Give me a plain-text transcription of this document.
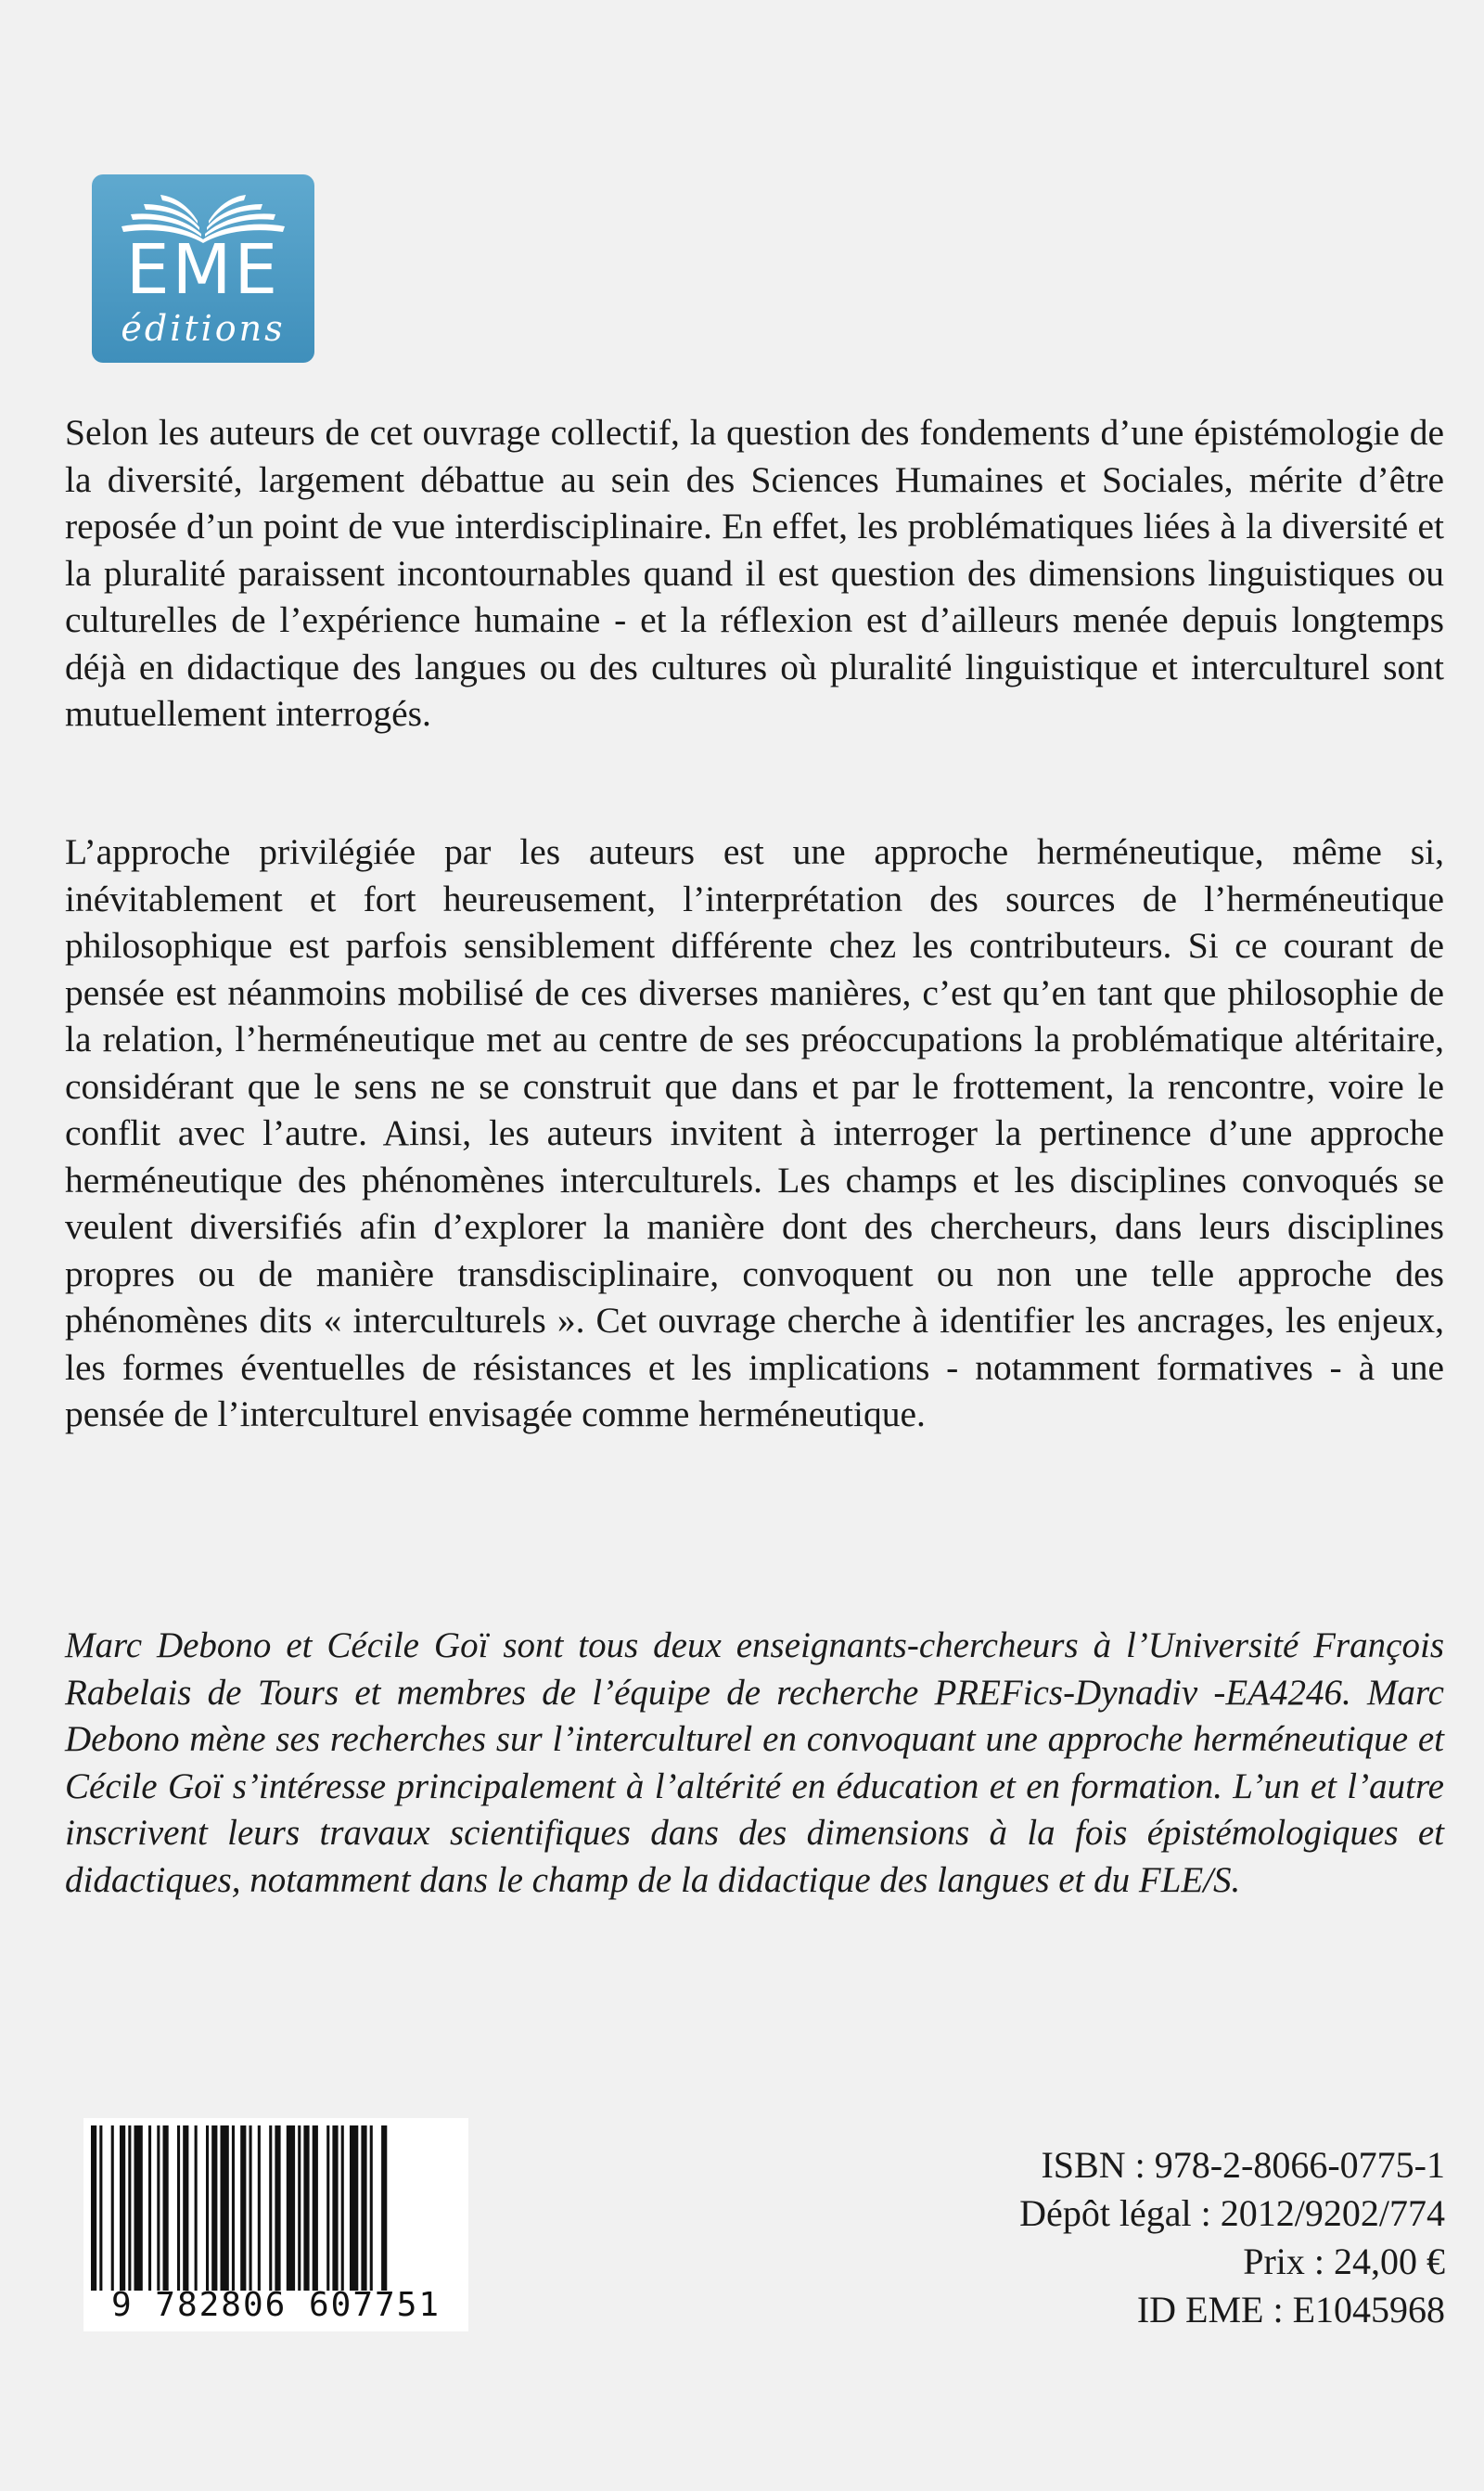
EME
éditions

Selon les auteurs de cet ouvrage collectif, la question des fondements d’une épistémologie de la diversité, largement débattue au sein des Sciences Humaines et Sociales, mérite d’être reposée d’un point de vue interdisciplinaire. En effet, les problématiques liées à la diversité et la pluralité paraissent incontournables quand il est question des dimensions linguistiques ou culturelles de l’expérience humaine - et la réflexion est d’ailleurs menée depuis longtemps déjà en didactique des langues ou des cultures où pluralité linguistique et interculturel sont mutuellement interrogés.

L’approche privilégiée par les auteurs est une approche herméneutique, même si, inévitablement et fort heureusement, l’interprétation des sources de l’herméneutique philosophique est parfois sensiblement différente chez les contributeurs. Si ce courant de pensée est néanmoins mobilisé de ces diverses manières, c’est qu’en tant que philosophie de la relation, l’herméneutique met au centre de ses préoccupations la problématique altéritaire, considérant que le sens ne se construit que dans et par le frottement, la rencontre, voire le conflit avec l’autre. Ainsi, les auteurs invitent à interroger la pertinence d’une approche herméneutique des phénomènes interculturels. Les champs et les disciplines convoqués se veulent diversifiés afin d’explorer la manière dont des chercheurs, dans leurs disciplines propres ou de manière transdisciplinaire, convoquent ou non une telle approche des phénomènes dits « interculturels ». Cet ouvrage cherche à identifier les ancrages, les enjeux, les formes éventuelles de résistances et les implications - notamment formatives - à une pensée de l’interculturel envisagée comme herméneutique.

Marc Debono et Cécile Goï sont tous deux enseignants-chercheurs à l’Université François Rabelais de Tours et membres de l’équipe de recherche PREFics-Dynadiv -EA4246. Marc Debono mène ses recherches sur l’interculturel en convoquant une approche herméneutique et Cécile Goï s’intéresse principalement à l’altérité en éducation et en formation. L’un et l’autre inscrivent leurs travaux scientifiques dans des dimensions à la fois épistémologiques et didactiques, notamment dans le champ de la didactique des langues et du FLE/S.

9 782806 607751
ISBN : 978-2-8066-0775-1
Dépôt légal : 2012/9202/774
Prix : 24,00 €
ID EME : E1045968
